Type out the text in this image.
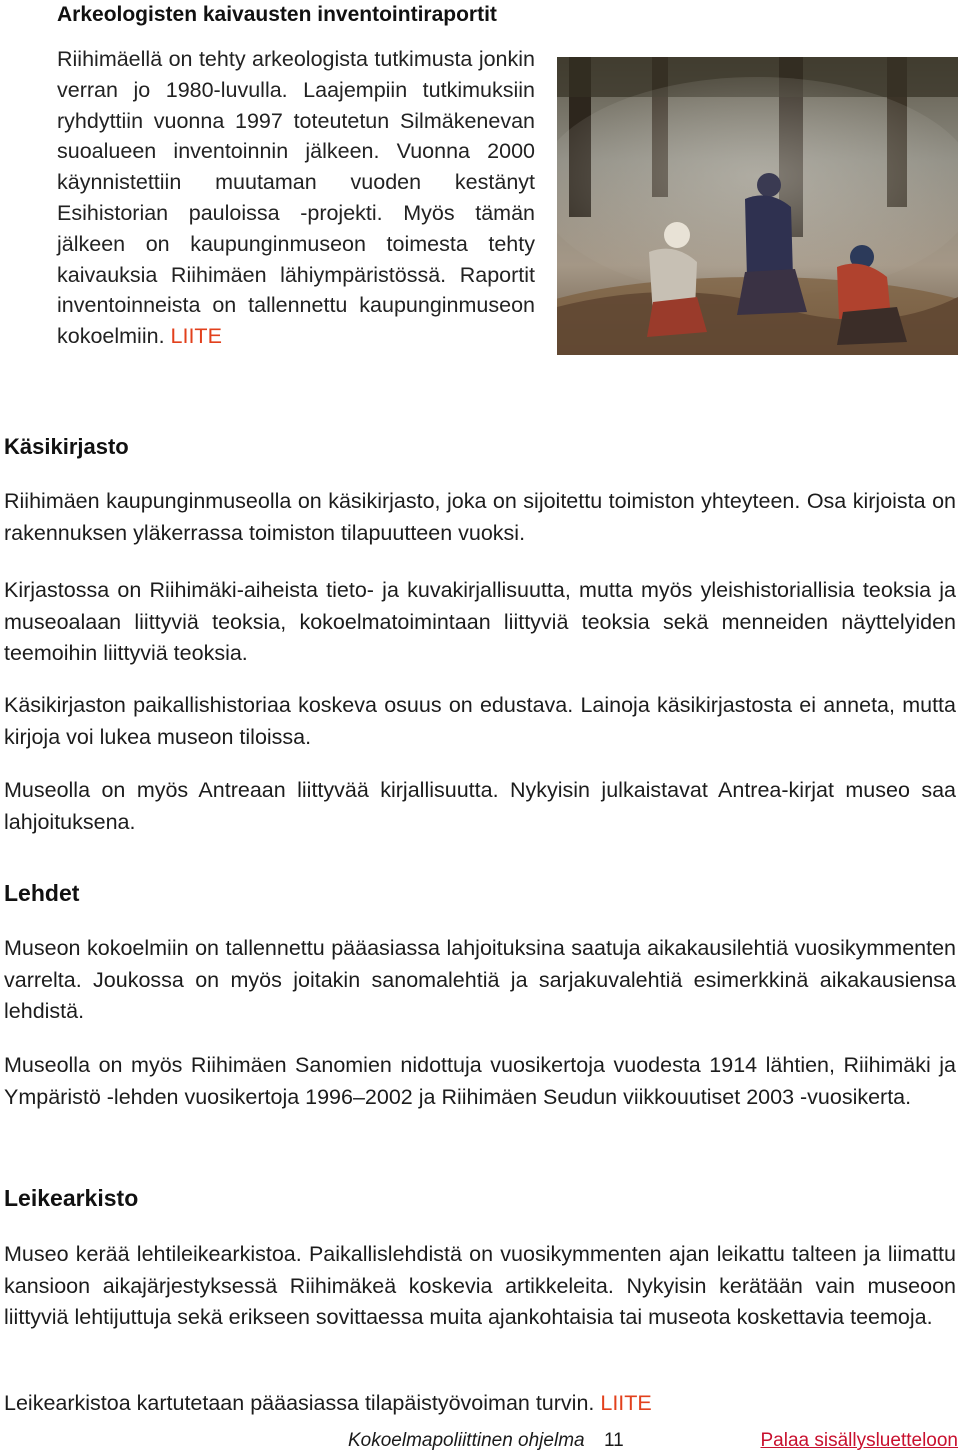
Arkeologisten kaivausten inventointiraportit

Riihimäellä on tehty arkeologista tutkimusta jonkin verran jo 1980-luvulla. Laajempiin tutkimuksiin ryhdyttiin vuonna 1997 toteutetun Silmäkenevan suoalueen inventoinnin jälkeen. Vuonna 2000 käynnistettiin muutaman vuoden kestänyt Esihistorian pauloissa -projekti. Myös tämän jälkeen on kaupunginmuseon toimesta tehty kaivauksia Riihimäen lähiympäristössä. Raportit inventoinneista on tallennettu kaupunginmuseon kokoelmiin. LIITE

Käsikirjasto

Riihimäen kaupunginmuseolla on käsikirjasto, joka on sijoitettu toimiston yhteyteen. Osa kirjoista on rakennuksen yläkerrassa toimiston tilapuutteen vuoksi.

Kirjastossa on Riihimäki-aiheista tieto- ja kuvakirjallisuutta, mutta myös yleishistoriallisia teoksia ja museoalaan liittyviä teoksia, kokoelmatoimintaan liittyviä teoksia sekä menneiden näyttelyiden teemoihin liittyviä teoksia.

Käsikirjaston paikallishistoriaa koskeva osuus on edustava. Lainoja käsikirjastosta ei anneta, mutta kirjoja voi lukea museon tiloissa.

Museolla on myös Antreaan liittyvää kirjallisuutta. Nykyisin julkaistavat Antrea-kirjat museo saa lahjoituksena.

Lehdet

Museon kokoelmiin on tallennettu pääasiassa lahjoituksina saatuja aikakausilehtiä vuosikymmenten varrelta. Joukossa on myös joitakin sanomalehtiä ja sarjakuvalehtiä esimerkkinä aikakausiensa lehdistä.

Museolla on myös Riihimäen Sanomien nidottuja vuosikertoja vuodesta 1914 lähtien, Riihimäki ja Ympäristö -lehden vuosikertoja 1996–2002 ja Riihimäen Seudun viikkouutiset 2003 -vuosikerta.

Leikearkisto

Museo kerää lehtileikearkistoa. Paikallislehdistä on vuosikymmenten ajan leikattu talteen ja liimattu kansioon aikajärjestyksessä Riihimäkeä koskevia artikkeleita. Nykyisin kerätään vain museoon liittyviä lehtijuttuja sekä erikseen sovittaessa muita ajankohtaisia tai museota koskettavia teemoja.

Leikearkistoa kartutetaan pääasiassa tilapäistyövoiman turvin. LIITE

Kokoelmapoliittinen ohjelma 11	Palaa sisällysluetteloon
